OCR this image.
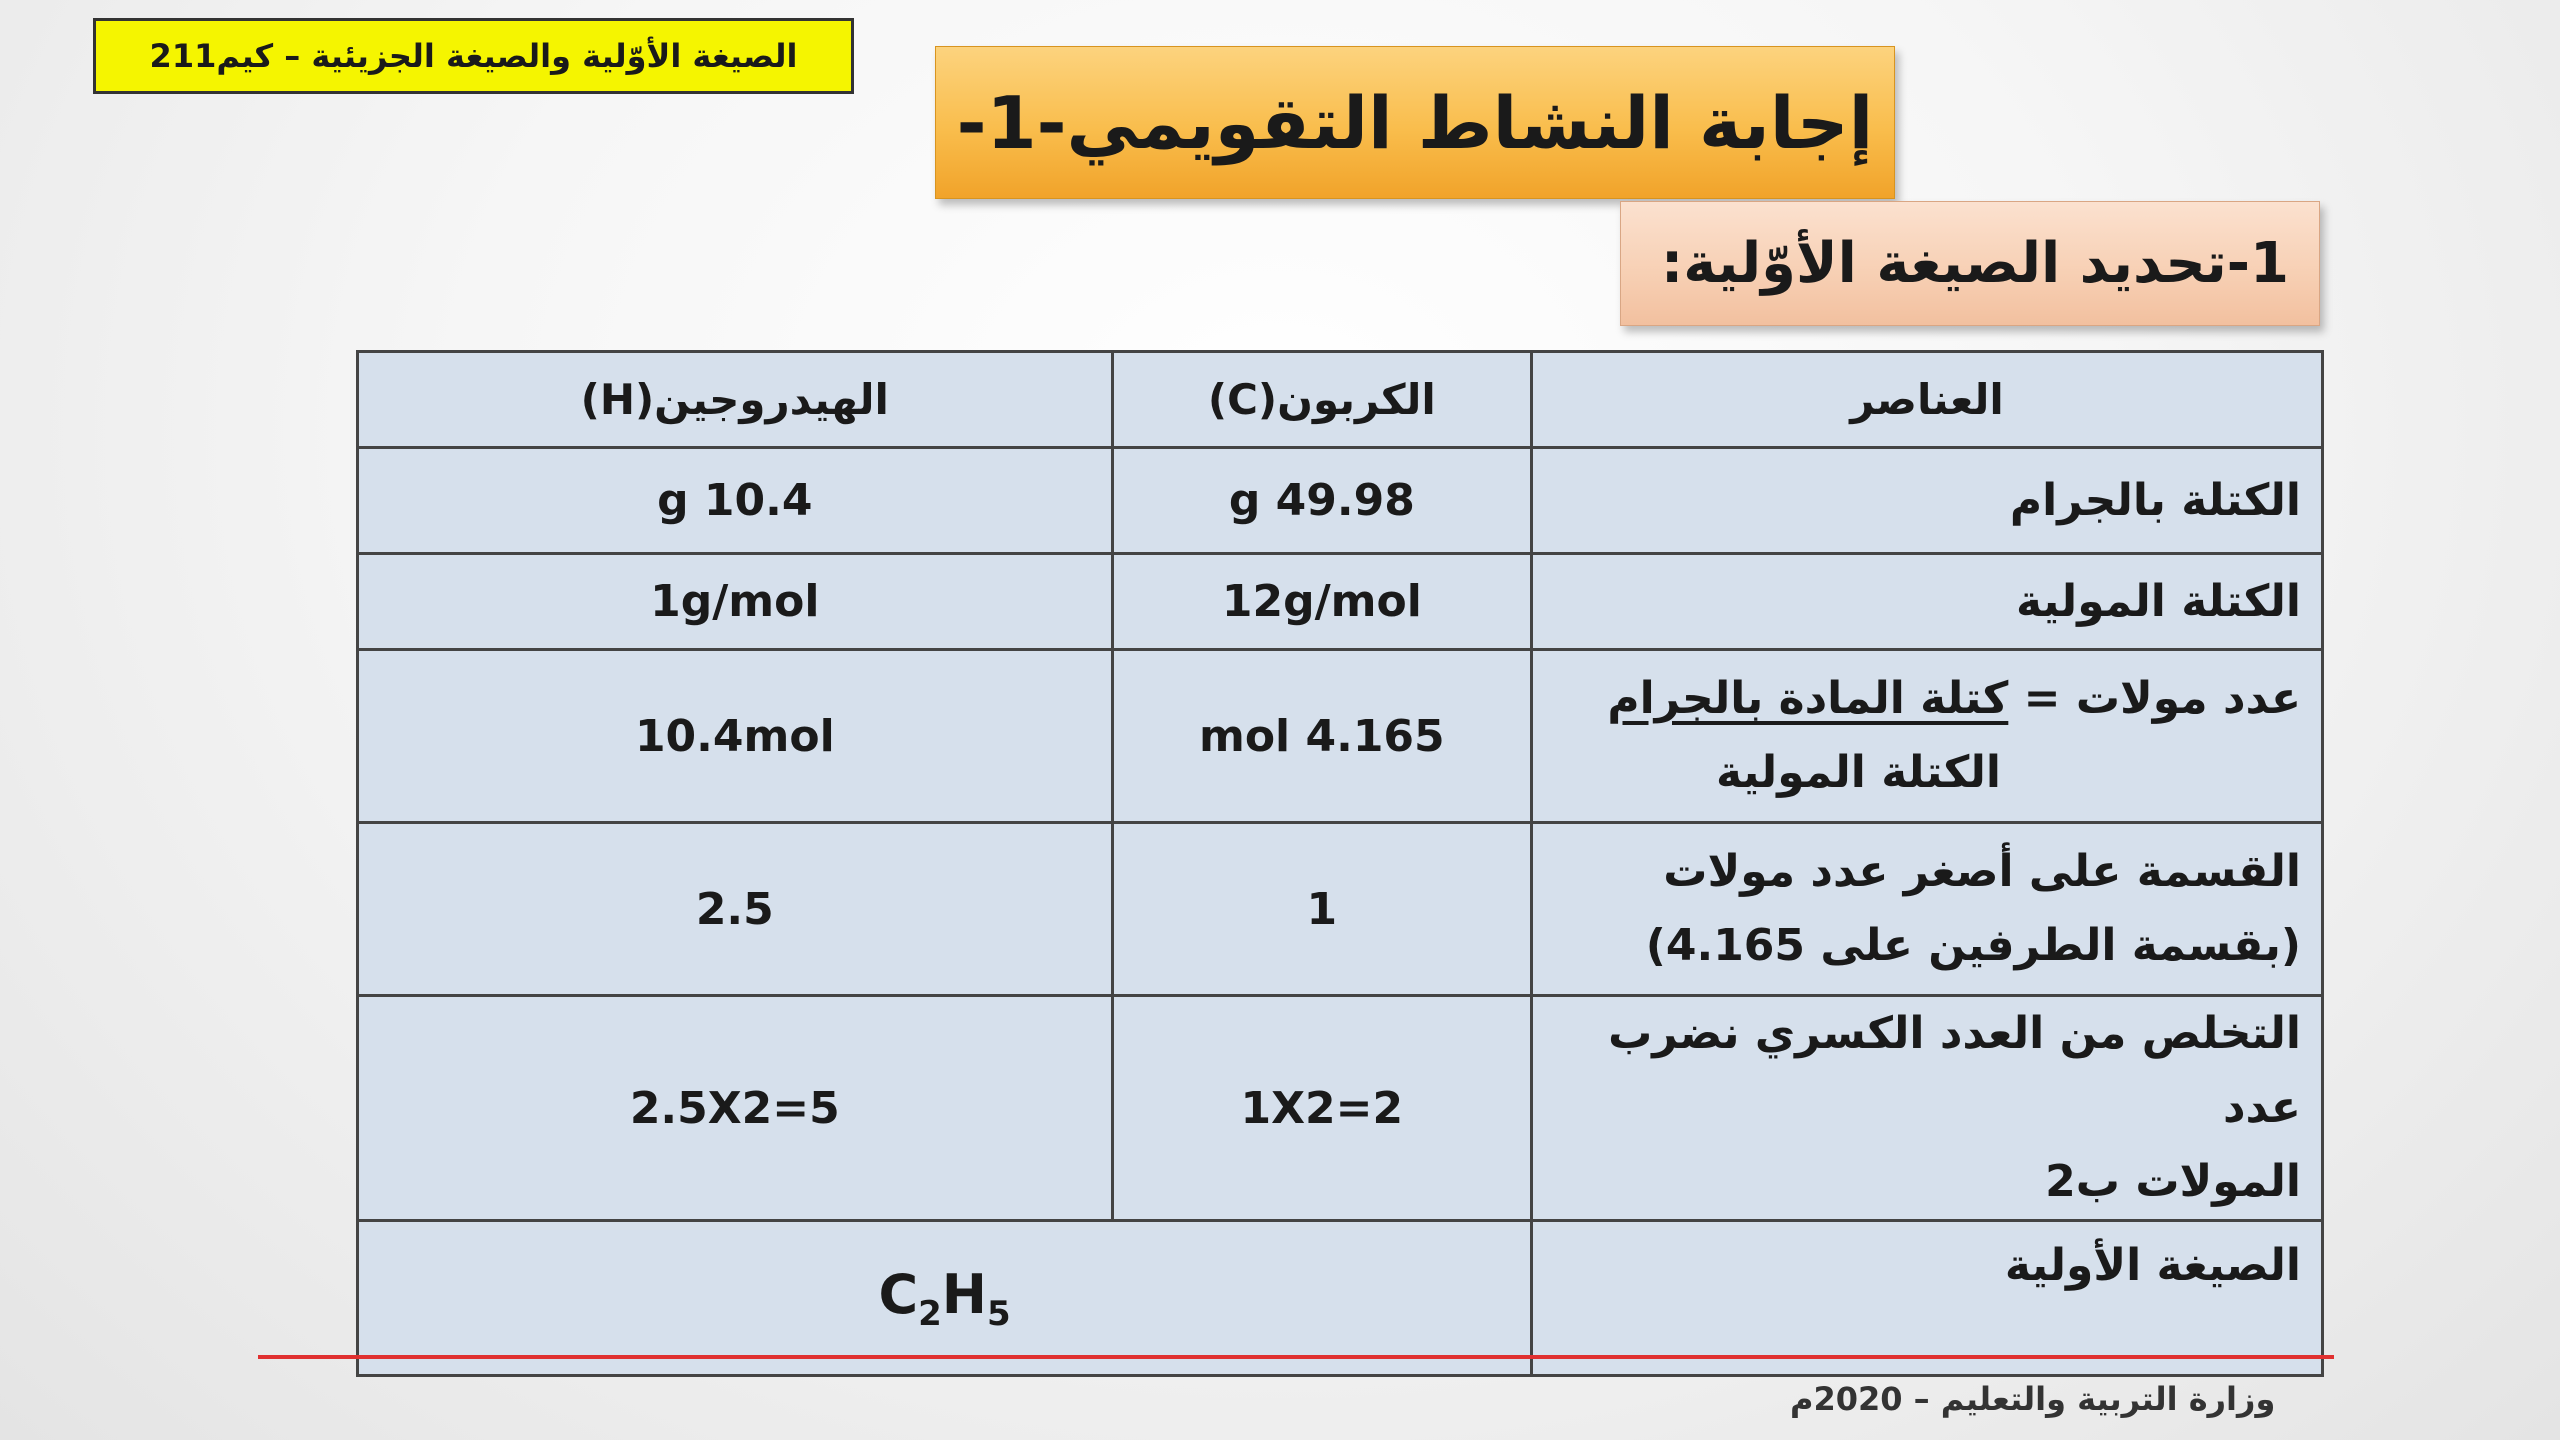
الصيغة الأوّلية والصيغة الجزيئية – كيم211
إجابة النشاط التقويمي-1-
1-تحديد الصيغة الأوّلية:
العناصر	الكربون(C)	الهيدروجين(H)
الكتلة بالجرام	49.98 g	10.4 g
الكتلة المولية	12g/mol	1g/mol

عدد مولات = كتلة المادة بالجرام
الكتلة المولية	4.165 mol	10.4mol

القسمة على أصغر عدد مولات
(بقسمة الطرفين على 4.165)	1	2.5

التخلص من العدد الكسري نضرب عدد
المولات ب2	1X2=2	2.5X2=5
الصيغة الأولية	$C_2H_5$
وزارة التربية والتعليم – 2020م
